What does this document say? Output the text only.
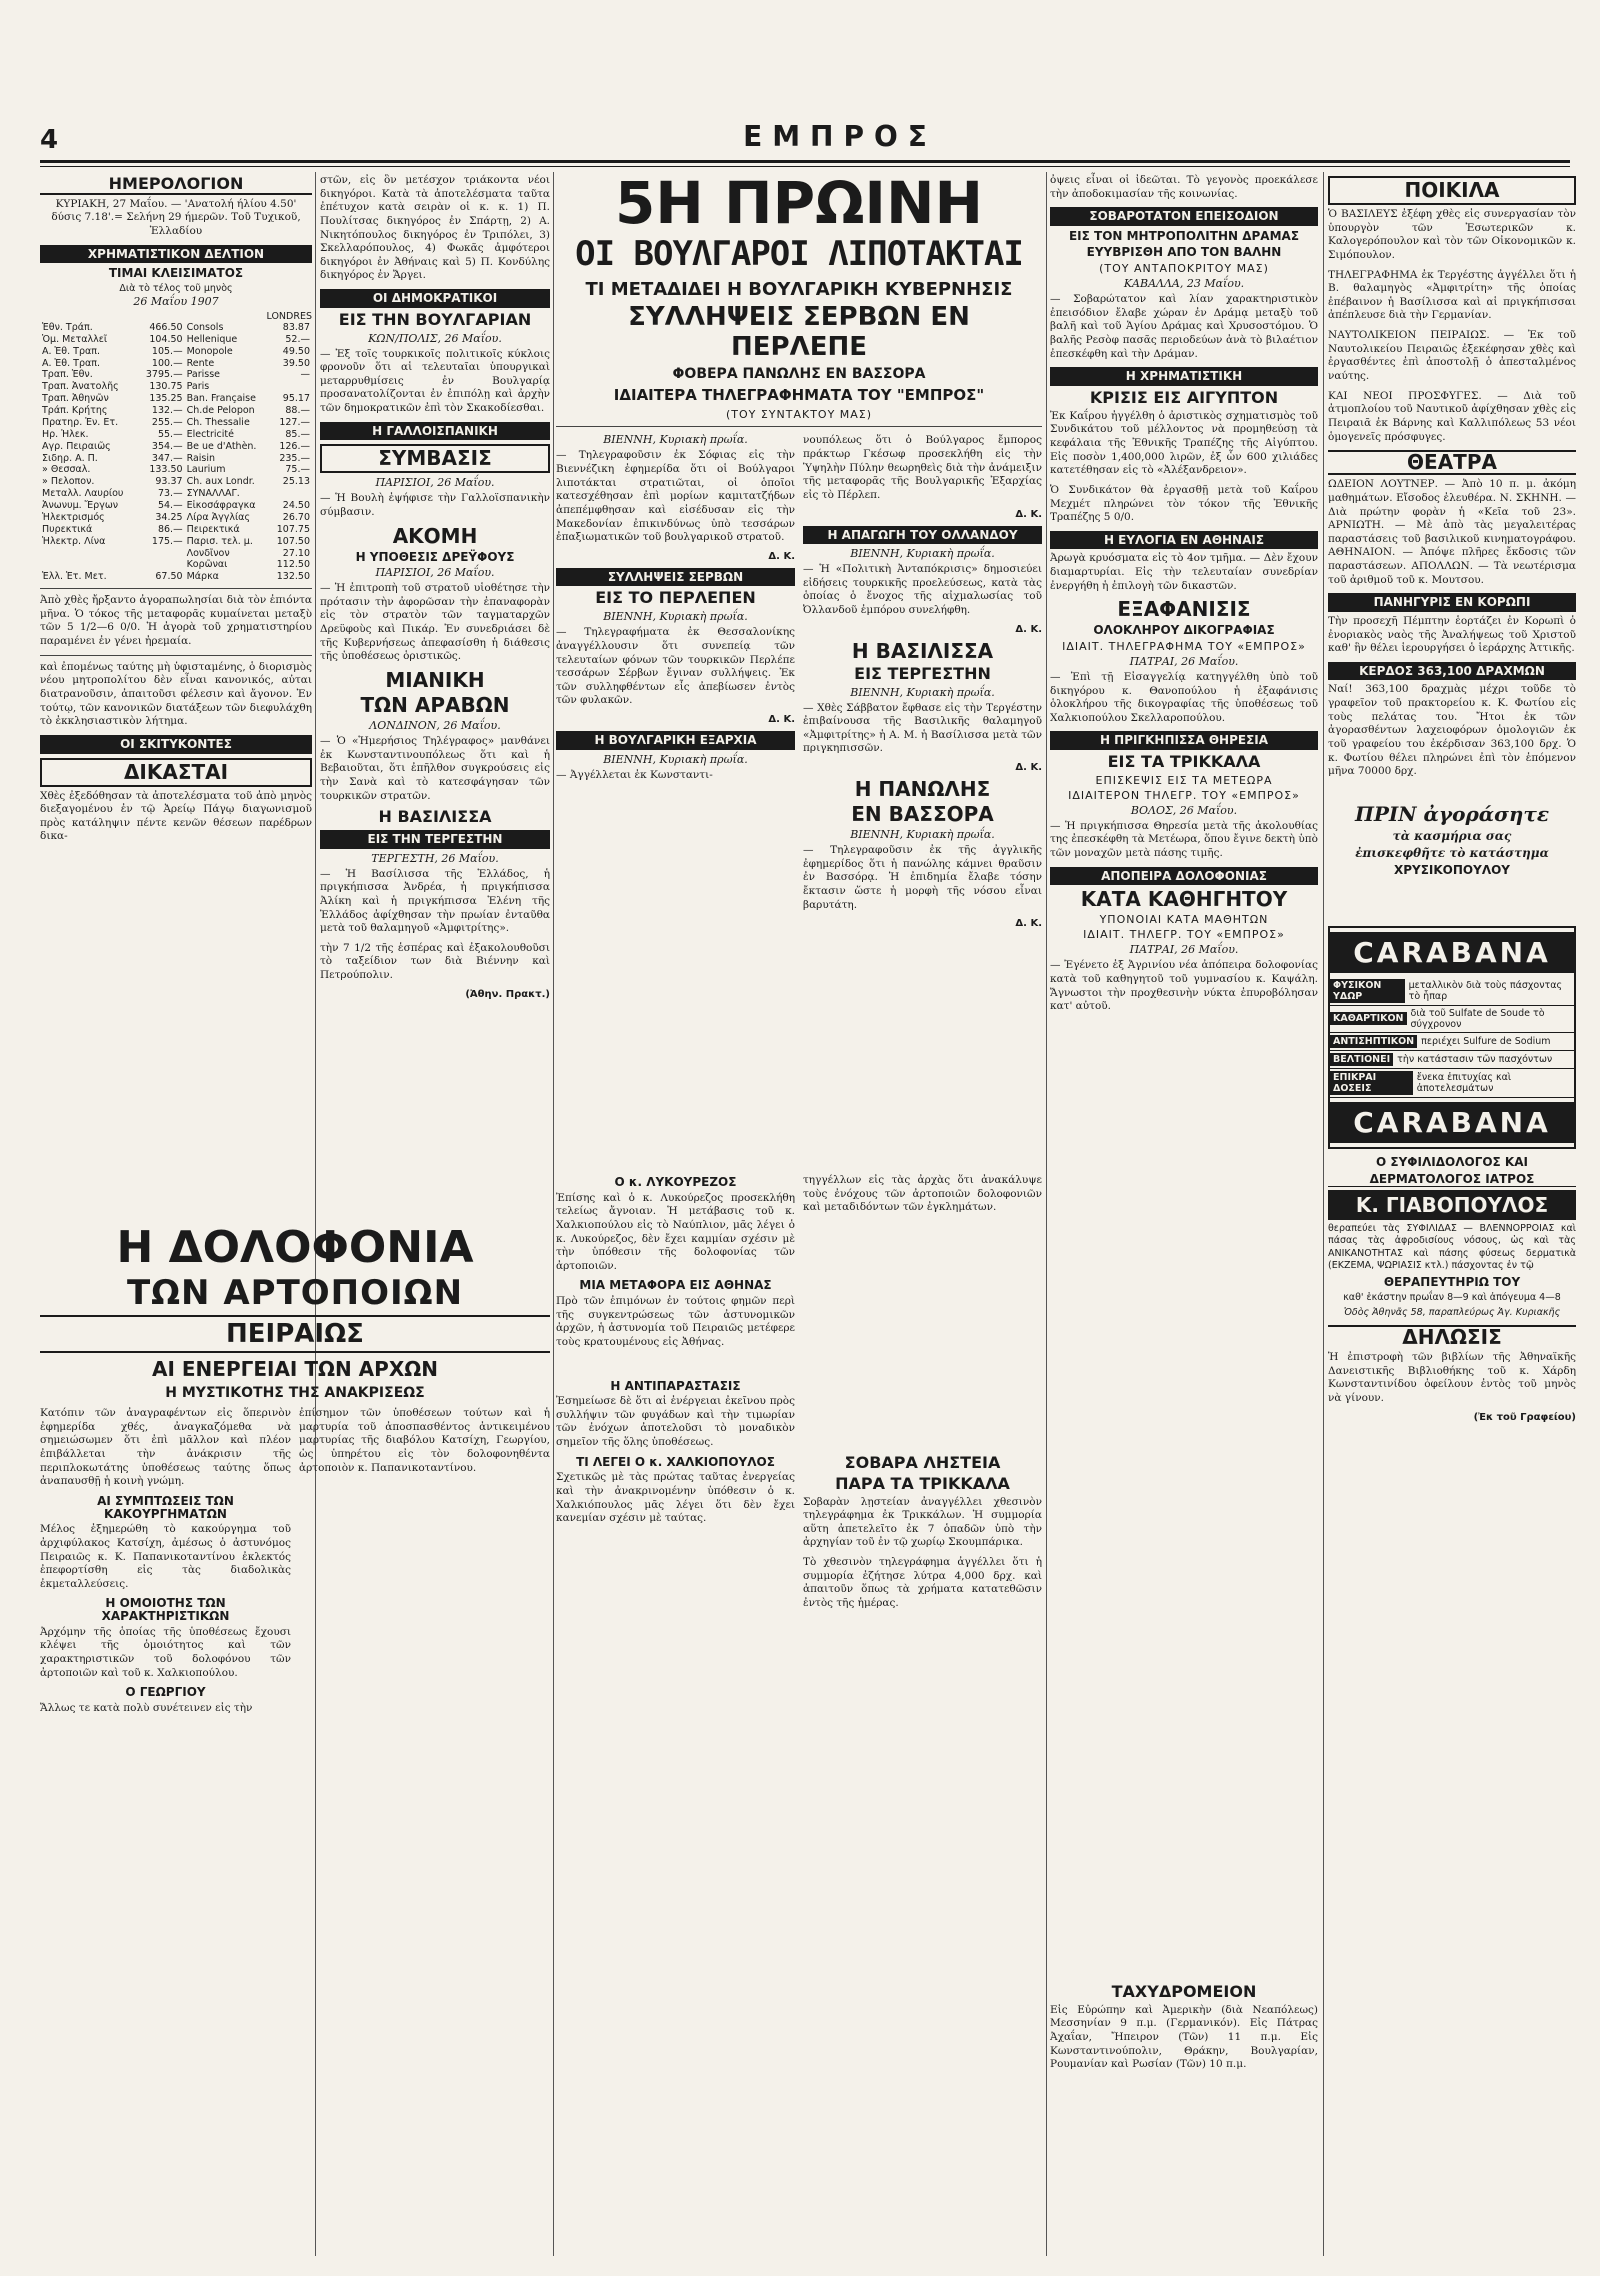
4	ΕΜΠΡΟΣ
ΗΜΕΡΟΛΟΓΙΟΝ
ΚΥΡΙΑΚΗ, 27 Μαΐου. — 'Ανατολή ήλίου 4.50' δύσις 7.18'.= Σελήνη 29 ήμερῶν. Τοῦ Τυχικοῦ, Ἑλλαδίου
ΧΡΗΜΑΤΙΣΤΙΚΟΝ ΔΕΛΤΙΟΝ
ΤΙΜΑΙ ΚΛΕΙΣΙΜΑΤΟΣ
Διὰ τὸ τέλος τοῦ μηνὸς
26 Μαΐου 1907
LONDRES
Ἐθν. Τράπ.	466.50	Consols	83.87
Ὁμ. Μεταλλεῖ	104.50	Hellenique	52.—
Α. Ἐθ. Τραπ.	105.—	Monopole	49.50
Α. Ἐθ. Τραπ.	100.—	Rente	39.50
Τραπ. Ἐθν.	3795.—	Parisse	—
Τραπ. Ἀνατολῆς	130.75	Paris	
Τραπ. Ἀθηνῶν	135.25	Ban. Française	95.17
Τράπ. Κρήτης	132.—	Ch.de Pelopon	88.—
Πρατηρ. Ἐν. Ετ.	255.—	Ch. Thessalie	127.—
Ηρ. Ἠλεκ.	55.—	Electricité	85.—
Αγρ. Πειραιῶς	354.—	Be ue d'Athèn.	126.—
Σιδηρ. Α. Π.	347.—	Raisin	235.—
» Θεσσαλ.	133.50	Laurium	75.—
» Πελοπον.	93.37	Ch. aux Londr.	25.13
Μεταλλ. Λαυρίου	73.—	ΣΥΝΑΛΛΑΓ.	
Ἀνωνυμ. Ἔργων	54.—	Εἰκοσάφραγκα	24.50
Ἠλεκτρισμός	34.25	Λίρα Ἀγγλίας	26.70
Πυρεκτικά	86.—	Πειρεκτικά	107.75
Ἠλεκτρ. Λίνα	175.—	Παρισ. τελ. μ.	107.50
		Λονδῖνον	27.10
		Κορῶναι	112.50
Ἑλλ. Ἐτ. Μετ.	67.50	Μάρκα	132.50
Ἀπὸ χθὲς ἤρξαντο ἀγοραπωλησίαι διὰ τὸν ἐπιόντα μῆνα. Ὁ τόκος τῆς μεταφορᾶς κυμαίνεται μεταξὺ τῶν 5 1/2—6 0/0. Ἡ ἀγορὰ τοῦ χρηματιστηρίου παραμένει ἐν γένει ἠρεμαία.
καὶ ἐπομένως ταύτης μὴ ὑφισταμένης, ὁ διορισμὸς νέου μητροπολίτου δὲν εἶναι κανονικός, αὐται διατρανοῦσιν, ἀπαιτοῦσι φέλεσιν καὶ ἄγονον. Ἐν τούτῳ, τῶν κανονικῶν διατάξεων τῶν διεφυλάχθη τὸ ἐκκλησιαστικὸν λήτημα.
ΟΙ ΣΚΙΤΥΚΟΝΤΕΣ
ΔΙΚΑΣΤΑΙ
Χθὲς ἐξεδόθησαν τὰ ἀποτελέσματα τοῦ ἀπὸ μηνὸς διεξαγομένου ἐν τῷ Ἀρείῳ Πάγῳ διαγωνισμοῦ πρὸς κατάληψιν πέντε κενῶν θέσεων παρέδρων δικα-
στῶν, εἰς ὃν μετέσχον τριάκοντα νέοι δικηγόροι. Κατὰ τὰ ἀποτελέσματα ταῦτα ἐπέτυχον κατὰ σειρὰν οἱ κ. κ. 1) Π. Πουλίτσας δικηγόρος ἐν Σπάρτῃ, 2) Α. Νικητόπουλος δικηγόρος ἐν Τριπόλει, 3) Σκελλαρόπουλος, 4) Φωκᾶς ἀμφότεροι δικηγόροι ἐν Ἀθήναις καὶ 5) Π. Κονδύλης δικηγόρος ἐν Ἄργει.
ΟΙ ΔΗΜΟΚΡΑΤΙΚΟΙ
ΕΙΣ ΤΗΝ ΒΟΥΛΓΑΡΙΑΝ
ΚΩΝ/ΠΟΛΙΣ, 26 Μαΐου.
— Ἐξ τοῖς τουρκικοῖς πολιτικοῖς κύκλοις φρονοῦν ὅτι αἱ τελευταῖαι ὑπουργικαὶ μεταρρυθμίσεις ἐν Βουλγαρίᾳ προσανατολίζονται ἐν ἐπιπόλῃ καὶ ἀρχὴν τῶν δημοκρατικῶν ἐπὶ τὸν Σκακοδίεσθαι.
Η ΓΑΛΛΟΙΣΠΑΝΙΚΗ
ΣΥΜΒΑΣΙΣ
ΠΑΡΙΣΙΟΙ, 26 Μαΐου.
— Ἡ Βουλὴ ἐψήφισε τὴν Γαλλοϊσπανικὴν σύμβασιν.
ΑΚΟΜΗ
Η ΥΠΟΘΕΣΙΣ ΔΡΕΫΦΟΥΣ
ΠΑΡΙΣΙΟΙ, 26 Μαΐου.
— Ἡ ἐπιτροπὴ τοῦ στρατοῦ υἱοθέτησε τὴν πρότασιν τὴν ἀφορῶσαν τὴν ἐπαναφορὰν εἰς τὸν στρατὸν τῶν ταγματαρχῶν Δρεϋφοὺς καὶ Πικάρ. Ἐν συνεδριάσει δὲ τῆς Κυβερνήσεως ἀπεφασίσθη ἡ διάθεσις τῆς ὑποθέσεως ὁριστικῶς.
ΜΙΑΝΙΚΗ
ΤΩΝ ΑΡΑΒΩΝ
ΛΟΝΔΙΝΟΝ, 26 Μαΐου.
— Ὁ «Ἡμερήσιος Τηλέγραφος» μανθάνει ἐκ Κωνσταντινουπόλεως ὅτι καὶ ἡ Βεβαιοῦται, ὅτι ἐπῆλθον συγκρούσεις εἰς τὴν Σανὰ καὶ τὸ κατεσφάγησαν τῶν τουρκικῶν στρατῶν.
Η ΒΑΣΙΛΙΣΣΑ
ΕΙΣ ΤΗΝ ΤΕΡΓΕΣΤΗΝ
ΤΕΡΓΕΣΤΗ, 26 Μαΐου.
— Ἡ Βασίλισσα τῆς Ἑλλάδος, ἡ πριγκήπισσα Ἀνδρέα, ἡ πριγκήπισσα Ἀλίκη καὶ ἡ πριγκήπισσα Ἑλένη τῆς Ἑλλάδος ἀφίχθησαν τὴν πρωίαν ἐνταῦθα μετὰ τοῦ θαλαμηγοῦ «Ἀμφιτρίτης».
τὴν 7 1/2 τῆς ἑσπέρας καὶ ἐξακολουθοῦσι τὸ ταξείδιον των διὰ Βιέννην καὶ Πετρούπολιν.
(Ἀθην. Πρακτ.)
5Η ΠΡΩΙΝΗ
ΟΙ ΒΟΥΛΓΑΡΟΙ ΛΙΠΟΤΑΚΤΑΙ
ΤΙ ΜΕΤΑΔΙΔΕΙ Η ΒΟΥΛΓΑΡΙΚΗ ΚΥΒΕΡΝΗΣΙΣ
ΣΥΛΛΗΨΕΙΣ ΣΕΡΒΩΝ ΕΝ ΠΕΡΛΕΠΕ
ΦΟΒΕΡΑ ΠΑΝΩΛΗΣ ΕΝ ΒΑΣΣΟΡΑ
ΙΔΙΑΙΤΕΡΑ ΤΗΛΕΓΡΑΦΗΜΑΤΑ ΤΟΥ "ΕΜΠΡΟΣ"
(ΤΟΥ ΣΥΝΤΑΚΤΟΥ ΜΑΣ)
ΒΙΕΝΝΗ, Κυριακὴ πρωΐα.
— Τηλεγραφοῦσιν ἐκ Σόφιας εἰς τὴν Βιεννέζικη ἐφημερίδα ὅτι οἱ Βούλγαροι λιποτάκται στρατιῶται, οἱ ὁποῖοι κατεσχέθησαν ἐπὶ μορίων καμιτατζήδων ἀπεπέμφθησαν καὶ εἰσέδυσαν εἰς τὴν Μακεδονίαν ἐπικινδύνως ὑπὸ τεσσάρων ἐπαξιωματικῶν τοῦ βουλγαρικοῦ στρατοῦ.
Δ. Κ.
ΣΥΛΛΗΨΕΙΣ ΣΕΡΒΩΝ
ΕΙΣ ΤΟ ΠΕΡΛΕΠΕΝ
ΒΙΕΝΝΗ, Κυριακὴ πρωΐα.
— Τηλεγραφήματα ἐκ Θεσσαλονίκης ἀναγγέλλουσιν ὅτι συνεπείᾳ τῶν τελευταίων φόνων τῶν τουρκικῶν Περλέπε τεσσάρων Σέρβων ἔγιναν συλλήψεις. Ἐκ τῶν συλληφθέντων εἷς ἀπεβίωσεν ἐντὸς τῶν φυλακῶν.
Δ. Κ.
Η ΒΟΥΛΓΑΡΙΚΗ ΕΞΑΡΧΙΑ
ΒΙΕΝΝΗ, Κυριακὴ πρωΐα.
— Ἀγγέλλεται ἐκ Κωνσταντι-
νουπόλεως ὅτι ὁ Βούλγαρος ἔμπορος πράκτωρ Γκέσωφ προσεκλήθη εἰς τὴν Ὑψηλὴν Πύλην θεωρηθεὶς διὰ τὴν ἀνάμειξιν τῆς μεταφορᾶς τῆς Βουλγαρικῆς Ἐξαρχίας εἰς τὸ Πέρλεπ.
Δ. Κ.
Η ΑΠΑΓΩΓΗ ΤΟΥ ΟΛΛΑΝΔΟΥ
ΒΙΕΝΝΗ, Κυριακὴ πρωΐα.
— Ἡ «Πολιτικὴ Ἀνταπόκρισις» δημοσιεύει εἰδήσεις τουρκικῆς προελεύσεως, κατὰ τὰς ὁποίας ὁ ἔνοχος τῆς αἰχμαλωσίας τοῦ Ὀλλανδοῦ ἐμπόρου συνελήφθη.
Δ. Κ.
Η ΒΑΣΙΛΙΣΣΑ
ΕΙΣ ΤΕΡΓΕΣΤΗΝ
ΒΙΕΝΝΗ, Κυριακὴ πρωΐα.
— Χθὲς Σάββατον ἔφθασε εἰς τὴν Τεργέστην ἐπιβαίνουσα τῆς Βασιλικῆς θαλαμηγοῦ «Ἀμφιτρίτης» ἡ Α. Μ. ἡ Βασίλισσα μετὰ τῶν πριγκηπισσῶν.
Δ. Κ.
Η ΠΑΝΩΛΗΣ
ΕΝ ΒΑΣΣΟΡΑ
ΒΙΕΝΝΗ, Κυριακὴ πρωΐα.
— Τηλεγραφοῦσιν ἐκ τῆς ἀγγλικῆς ἐφημερίδος ὅτι ἡ πανώλης κάμνει θραῦσιν ἐν Βασσόρᾳ. Ἡ ἐπιδημία ἔλαβε τόσην ἔκτασιν ὥστε ἡ μορφὴ τῆς νόσου εἶναι βαρυτάτη.
Δ. Κ.
Ο κ. ΛΥΚΟΥΡΕΖΟΣ
Ἐπίσης καὶ ὁ κ. Λυκούρεζος προσεκλήθη τελείως ἄγνοιαν. Ἡ μετάβασις τοῦ κ. Χαλκιοπούλου εἰς τὸ Ναύπλιον, μᾶς λέγει ὁ κ. Λυκούρεζος, δὲν ἔχει καμμίαν σχέσιν μὲ τὴν ὑπόθεσιν τῆς δολοφονίας τῶν ἀρτοποιῶν.
ΜΙΑ ΜΕΤΑΦΟΡΑ ΕΙΣ ΑΘΗΝΑΣ
Πρὸ τῶν ἐπιμόνων ἐν τούτοις φημῶν περὶ τῆς συγκεντρώσεως τῶν ἀστυνομικῶν ἀρχῶν, ἡ ἀστυνομία τοῦ Πειραιῶς μετέφερε τοὺς κρατουμένους εἰς Ἀθήνας.
Η ΑΝΤΙΠΑΡΑΣΤΑΣΙΣ
Ἐσημείωσε δὲ ὅτι αἱ ἐνέργειαι ἐκεῖνου πρὸς συλλήψιν τῶν φυγάδων καὶ τὴν τιμωρίαν τῶν ἐνόχων ἀποτελοῦσι τὸ μοναδικὸν σημεῖον τῆς ὅλης ὑποθέσεως.
ΤΙ ΛΕΓΕΙ Ο κ. ΧΑΛΚΙΟΠΟΥΛΟΣ
Σχετικῶς μὲ τὰς πρώτας ταῦτας ἐνεργείας καὶ τὴν ἀνακρινομένην ὑπόθεσιν ὁ κ. Χαλκιόπουλος μᾶς λέγει ὅτι δὲν ἔχει κανεμίαν σχέσιν μὲ ταύτας.
τηγγέλλων εἰς τὰς ἀρχὰς ὅτι ἀνακάλυψε τοὺς ἐνόχους τῶν ἀρτοποιῶν δολοφονιῶν καὶ μεταδιδόντων τῶν ἐγκλημάτων.
ΣΟΒΑΡΑ ΛΗΣΤΕΙΑ
ΠΑΡΑ ΤΑ ΤΡΙΚΚΑΛΑ
Σοβαρὰν λῃστείαν ἀναγγέλλει χθεσινὸν τηλεγράφημα ἐκ Τρικκάλων. Ἡ συμμορία αὕτη ἀπετελεῖτο ἐκ 7 ὁπαδῶν ὑπὸ τὴν ἀρχηγίαν τοῦ ἐν τῷ χωρίῳ Σκουμπάρικα.
Τὸ χθεσινὸν τηλεγράφημα ἀγγέλλει ὅτι ἡ συμμορία ἐζήτησε λύτρα 4,000 δρχ. καὶ ἀπαιτοῦν ὅπως τὰ χρήματα κατατεθῶσιν ἐντὸς τῆς ἡμέρας.
Η ΔΟΛΟΦΟΝΙΑ
ΤΩΝ ΑΡΤΟΠΟΙΩΝ
ΠΕΙΡΑΙΩΣ
ΑΙ ΕΝΕΡΓΕΙΑΙ ΤΩΝ ΑΡΧΩΝ
Η ΜΥΣΤΙΚΟΤΗΣ ΤΗΣ ΑΝΑΚΡΙΣΕΩΣ
Κατόπιν τῶν ἀναγραφέντων εἰς ὅπερινὸν ἐφημερίδα χθές, ἀναγκαζόμεθα νὰ σημειώσωμεν ὅτι ἐπὶ μᾶλλον καὶ πλέον ἐπιβάλλεται τὴν ἀνάκρισιν τῆς περιπλοκωτάτης ὑποθέσεως ταύτης ὅπως ἀναπαυσθῇ ἡ κοινὴ γνώμη.
ΑΙ ΣΥΜΠΤΩΣΕΙΣ ΤΩΝ ΚΑΚΟΥΡΓΗΜΑΤΩΝ
Μέλος ἐξημερώθη τὸ κακούργημα τοῦ ἀρχιφύλακος Κατσίχη, ἀμέσως ὁ ἀστυνόμος Πειραιῶς κ. Κ. Παπανικοταντίνου ἐκλεκτός ἐπεφορτίσθη εἰς τὰς διαδολικὰς ἐκμεταλλεύσεις.
Η ΟΜΟΙΟΤΗΣ ΤΩΝ ΧΑΡΑΚΤΗΡΙΣΤΙΚΩΝ
Ἀρχόμην τῆς ὁποίας τῆς ὑποθέσεως ἔχουσι κλέψει τῆς ὁμοιότητος καὶ τῶν χαρακτηριστικῶν τοῦ δολοφόνου τῶν ἀρτοποιῶν καὶ τοῦ κ. Χαλκιοπούλου.
Ο ΓΕΩΡΓΙΟΥ
Ἄλλως τε κατὰ πολὺ συνέτεινεν εἰς τὴν
ἐπίσημον τῶν ὑποθέσεων τούτων καὶ ἡ μαρτυρία τοῦ ἀποσπασθέντος ἀντικειμένου μαρτυρίας τῆς διαβόλου Κατσίχη, Γεωργίου, ὡς ὑπηρέτου εἰς τὸν δολοφονηθέντα ἀρτοποιὸν κ. Παπανικοταντίνου.
ὀψεις εἶναι οἱ ἰδεῶται. Τὸ γεγονὸς προεκάλεσε τὴν ἀποδοκιμασίαν τῆς κοινωνίας.
ΣΟΒΑΡΟΤΑΤΟΝ ΕΠΕΙΣΟΔΙΟΝ
ΕΙΣ ΤΟΝ ΜΗΤΡΟΠΟΛΙΤΗΝ ΔΡΑΜΑΣ
ΕΥΥΒΡΙΣΘΗ ΑΠΟ ΤΟΝ ΒΑΛΗΝ
(ΤΟΥ ΑΝΤΑΠΟΚΡΙΤΟΥ ΜΑΣ)
ΚΑΒΑΛΛΑ, 23 Μαΐου.
— Σοβαρώτατον καὶ λίαν χαρακτηριστικὸν ἐπεισόδιον ἔλαβε χώραν ἐν Δράμᾳ μεταξὺ τοῦ βαλῆ καὶ τοῦ Ἁγίου Δράμας καὶ Χρυσοστόμου. Ὁ βαλῆς Ρεσὸφ πασᾶς περιοδεύων ἀνὰ τὸ βιλαέτιον ἐπεσκέφθη καὶ τὴν Δράμαν.
Η ΧΡΗΜΑΤΙΣΤΙΚΗ
ΚΡΙΣΙΣ ΕΙΣ ΑΙΓΥΠΤΟΝ
Ἐκ Καΐρου ἠγγέλθη ὁ ἀριστικὸς σχηματισμὸς τοῦ Συνδικάτου τοῦ μέλλοντος νὰ προμηθεύσῃ τὰ κεφάλαια τῆς Ἐθνικῆς Τραπέζης τῆς Αἰγύπτου. Εἰς ποσὸν 1,400,000 λιρῶν, ἐξ ὧν 600 χιλιάδες κατετέθησαν εἰς τὸ «Ἀλέξανδρειον».
Ὁ Συνδικάτον θὰ ἐργασθῇ μετὰ τοῦ Καΐρου Μεχμέτ πληρώνει τὸν τόκον τῆς Ἐθνικῆς Τραπέζης 5 0/0.
Η ΕΥΛΟΓΙΑ ΕΝ ΑΘΗΝΑΙΣ
Ἀρωγὰ κρυόσματα εἰς τὸ 4ον τμῆμα. — Δὲν ἔχουν διαμαρτυρίαι. Εἰς τὴν τελευταίαν συνεδρίαν ἐνεργήθη ἡ ἐπιλογὴ τῶν δικαστῶν.
ΕΞΑΦΑΝΙΣΙΣ
ΟΛΟΚΛΗΡΟΥ ΔΙΚΟΓΡΑΦΙΑΣ
ΙΔΙΑΙΤ. ΤΗΛΕΓΡΑΦΗΜΑ ΤΟΥ «ΕΜΠΡΟΣ»
ΠΑΤΡΑΙ, 26 Μαΐου.
— Ἐπὶ τῇ Εἰσαγγελίᾳ κατηγγέλθη ὑπὸ τοῦ δικηγόρου κ. Θανοπούλου ἡ ἐξαφάνισις ὁλοκλήρου τῆς δικογραφίας τῆς ὑποθέσεως τοῦ Χαλκιοπούλου Σκελλαροπούλου.
Η ΠΡΙΓΚΗΠΙΣΣΑ ΘΗΡΕΣΙΑ
ΕΙΣ ΤΑ ΤΡΙΚΚΑΛΑ
ΕΠΙΣΚΕΨΙΣ ΕΙΣ ΤΑ ΜΕΤΕΩΡΑ
ΙΔΙΑΙΤΕΡΟΝ ΤΗΛΕΓΡ. ΤΟΥ «ΕΜΠΡΟΣ»
ΒΟΛΟΣ, 26 Μαΐου.
— Ἡ πριγκήπισσα Θηρεσία μετὰ τῆς ἀκολουθίας της ἐπεσκέφθη τὰ Μετέωρα, ὅπου ἔγινε δεκτὴ ὑπὸ τῶν μοναχῶν μετὰ πάσης τιμῆς.
ΑΠΟΠΕΙΡΑ ΔΟΛΟΦΟΝΙΑΣ
ΚΑΤΑ ΚΑΘΗΓΗΤΟΥ
ΥΠΟΝΟΙΑΙ ΚΑΤΑ ΜΑΘΗΤΩΝ
ΙΔΙΑΙΤ. ΤΗΛΕΓΡ. ΤΟΥ «ΕΜΠΡΟΣ»
ΠΑΤΡΑΙ, 26 Μαΐου.
— Ἐγένετο ἐξ Ἀγρινίου νέα ἀπόπειρα δολοφονίας κατὰ τοῦ καθηγητοῦ τοῦ γυμνασίου κ. Καψάλη. Ἄγνωστοι τὴν προχθεσινὴν νύκτα ἐπυροβόλησαν κατ' αὐτοῦ.
ΠΟΙΚΙΛΑ
Ὁ ΒΑΣΙΛΕΥΣ ἐξέφη χθὲς εἰς συνεργασίαν τὸν ὑπουργὸν τῶν Ἐσωτερικῶν κ. Καλογερόπουλον καὶ τὸν τῶν Οἰκονομικῶν κ. Σιμόπουλον.
ΤΗΛΕΓΡΑΦΗΜΑ ἐκ Τεργέστης ἀγγέλλει ὅτι ἡ Β. θαλαμηγὸς «Ἀμφιτρίτη» τῆς ὁποίας ἐπέβαινον ἡ Βασίλισσα καὶ αἱ πριγκήπισσαι ἀπέπλευσε διὰ τὴν Γερμανίαν.
ΝΑΥΤΟΛΙΚΕΙΟΝ ΠΕΙΡΑΙΩΣ. — Ἐκ τοῦ Ναυτολικείου Πειραιῶς ἐξεκέφησαν χθὲς καὶ ἐργασθέντες ἐπὶ ἀποστολῇ ὁ ἀπεσταλμένος ναύτης.
ΚΑΙ ΝΕΟΙ ΠΡΟΣΦΥΓΕΣ. — Διὰ τοῦ ἀτμοπλοίου τοῦ Ναυτικοῦ ἀφίχθησαν χθὲς εἰς Πειραιᾶ ἐκ Βάρνης καὶ Καλλιπόλεως 53 νέοι ὁμογενεῖς πρόσφυγες.
ΘΕΑΤΡΑ
ΩΔΕΙΟΝ ΛΟΥΤΝΕΡ. — Ἀπὸ 10 π. μ. ἀκόμη μαθημάτων. Εἴσοδος ἐλευθέρα. Ν. ΣΚΗΝΗ. — Διὰ πρώτην φορὰν ἡ «Κεῖα τοῦ 23». ΑΡΝΙΩΤΗ. — Μὲ ἀπὸ τὰς μεγαλειτέρας παραστάσεις τοῦ βασιλικοῦ κινηματογράφου. ΑΘΗΝΑΙΟΝ. — Ἀπόψε πλῆρες ἔκδοσις τῶν παραστάσεων. ΑΠΟΛΛΩΝ. — Τὰ νεωτέρισμα τοῦ ἀριθμοῦ τοῦ κ. Μουτσου.
ΠΑΝΗΓΥΡΙΣ ΕΝ ΚΟΡΩΠΙ
Τὴν προσεχῆ Πέμπτην ἑορτάζει ἐν Κορωπὶ ὁ ἐνοριακὸς ναὸς τῆς Ἀναλήψεως τοῦ Χριστοῦ καθ' ἣν θέλει ἱερουργήσει ὁ ἱεράρχης Ἀττικῆς.
ΚΕΡΔΟΣ 363,100 ΔΡΑΧΜΩΝ
Ναί! 363,100 δραχμὰς μέχρι τοῦδε τὸ γραφεῖον τοῦ πρακτορείου κ. Κ. Φωτίου εἰς τοὺς πελάτας του. Ἤτοι ἐκ τῶν ἀγορασθέντων λαχειοφόρων ὁμολογιῶν ἐκ τοῦ γραφείου του ἐκέρδισαν 363,100 δρχ. Ὁ κ. Φωτίου θέλει πληρώνει ἐπὶ τὸν ἑπόμενον μῆνα 70000 δρχ.
ΠΡΙΝ ἀγοράσητε
τὰ κασμήρια σας
ἐπισκεφθῆτε τὸ κατάστημα
ΧΡΥΣΙΚΟΠΟΥΛΟΥ
CARABANA
ΦΥΣΙΚΟΝ ΥΔΩΡ
μεταλλικὸν διὰ τοὺς πάσχοντας τὸ ἧπαρ
ΚΑΘΑΡΤΙΚΟΝ διὰ τοῦ Sulfate de Soude τὸ σύγχρονον
ΑΝΤΙΣΗΠΤΙΚΟΝ περιέχει Sulfure de Sodium
ΒΕΛΤΙΟΝΕΙ τὴν κατάστασιν τῶν πασχόντων
ΕΠΙΚΡΑΙ ΔΟΣΕΙΣ
ἔνεκα ἐπιτυχίας καὶ ἀποτελεσμάτων
CARABANA
Ο ΣΥΦΙΛΙΔΟΛΟΓΟΣ ΚΑΙ
ΔΕΡΜΑΤΟΛΟΓΟΣ ΙΑΤΡΟΣ
Κ. ΓΙΑΒΟΠΟΥΛΟΣ
θεραπεύει τὰς ΣΥΦΙΛΙΔΑΣ — ΒΛΕΝΝΟΡΡΟΙΑΣ καὶ πάσας τὰς ἀφροδισίους νόσους, ὡς καὶ τὰς ΑΝΙΚΑΝΟΤΗΤΑΣ καὶ πάσης φύσεως δερματικὰ (ΕΚΖΕΜΑ, ΨΩΡΙΑΣΙΣ κτλ.) πάσχοντας ἐν τῷ
ΘΕΡΑΠΕΥΤΗΡΙΩ ΤΟΥ
καθ' ἑκάστην πρωΐαν 8—9 καὶ ἀπόγευμα 4—8
Ὁδὸς Ἀθηνᾶς 58, παραπλεύρως Ἀγ. Κυριακῆς
ΔΗΛΩΣΙΣ
Ἡ ἐπιστροφὴ τῶν βιβλίων τῆς Ἀθηναϊκῆς Δανειστικῆς Βιβλιοθήκης τοῦ κ. Χάρδη Κωνσταντινίδου ὀφείλουν ἐντὸς τοῦ μηνὸς νὰ γίνουν.
(Ἐκ τοῦ Γραφείου)
ΤΑΧΥΔΡΟΜΕΙΟΝ
Εἰς Εὐρώπην καὶ Ἀμερικὴν (διὰ Νεαπόλεως) Μεσσηνίαν 9 π.μ. (Γερμανικόν). Εἰς Πάτρας Ἀχαΐαν, Ἤπειρον (Τῶν) 11 π.μ. Εἰς Κωνσταντινούπολιν, Θράκην, Βουλγαρίαν, Ρουμανίαν καὶ Ρωσίαν (Τῶν) 10 π.μ.
